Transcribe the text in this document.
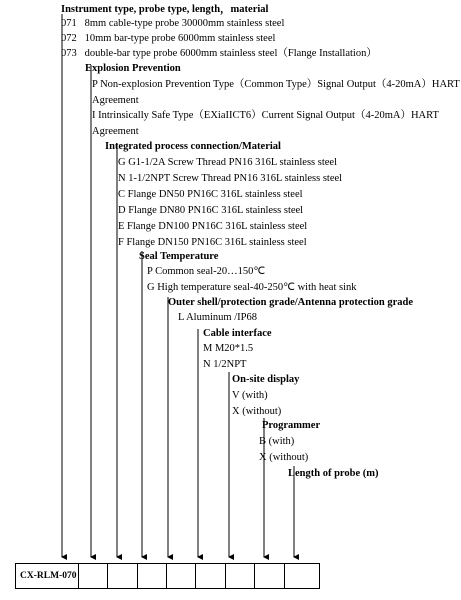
Instrument type, probe type, length，material
071 8mm cable-type probe 30000mm stainless steel
072 10mm bar-type probe 6000mm stainless steel
073 double-bar type probe 6000mm stainless steel（Flange Installation）
Explosion Prevention
P Non-explosion Prevention Type（Common Type）Signal Output（4-20mA）HART
Agreement
I Intrinsically Safe Type（EXiaIICT6）Current Signal Output（4-20mA）HART
Agreement
Integrated process connection/Material
G G1-1/2A Screw Thread PN16 316L stainless steel
N 1-1/2NPT Screw Thread PN16 316L stainless steel
C Flange DN50 PN16C 316L stainless steel
D Flange DN80 PN16C 316L stainless steel
E Flange DN100 PN16C 316L stainless steel
F Flange DN150 PN16C 316L stainless steel
Seal Temperature
P Common seal-20…150℃
G High temperature seal-40-250℃ with heat sink
Outer shell/protection grade/Antenna protection grade
L Aluminum /IP68
Cable interface
M M20*1.5
N 1/2NPT
On-site display
V (with)
X (without)
Programmer
B (with)
X (without)
Length of probe (m)
CX-RLM-070
